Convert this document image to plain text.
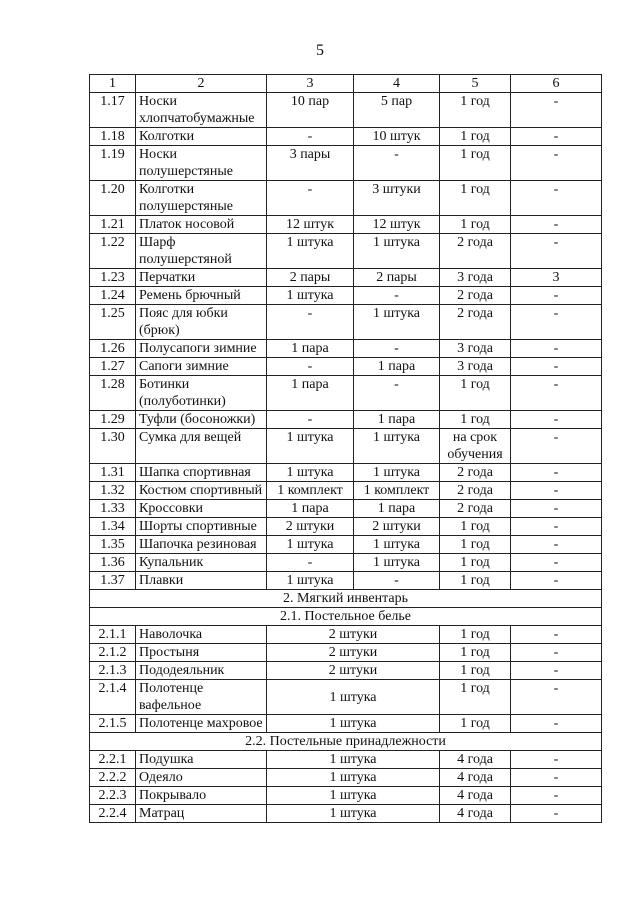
5
1	2	3	4	5	6
1.17	Носки хлопчатобумажные	10 пар	5 пар	1 год	-
1.18	Колготки	-	10 штук	1 год	-
1.19	Носки полушерстяные	3 пары	-	1 год	-
1.20	Колготки полушерстяные	-	3 штуки	1 год	-
1.21	Платок носовой	12 штук	12 штук	1 год	-
1.22	Шарф полушерстяной	1 штука	1 штука	2 года	-
1.23	Перчатки	2 пары	2 пары	3 года	3
1.24	Ремень брючный	1 штука	-	2 года	-
1.25	Пояс для юбки (брюк)	-	1 штука	2 года	-
1.26	Полусапоги зимние	1 пара	-	3 года	-
1.27	Сапоги зимние	-	1 пара	3 года	-
1.28	Ботинки (полуботинки)	1 пара	-	1 год	-
1.29	Туфли (босоножки)	-	1 пара	1 год	-
1.30	Сумка для вещей	1 штука	1 штука	на срок обучения	-
1.31	Шапка спортивная	1 штука	1 штука	2 года	-
1.32	Костюм спортивный	1 комплект	1 комплект	2 года	-
1.33	Кроссовки	1 пара	1 пара	2 года	-
1.34	Шорты спортивные	2 штуки	2 штуки	1 год	-
1.35	Шапочка резиновая	1 штука	1 штука	1 год	-
1.36	Купальник	-	1 штука	1 год	-
1.37	Плавки	1 штука	-	1 год	-
2. Мягкий инвентарь					
2.1. Постельное белье					
2.1.1	Наволочка	2 штуки		1 год	-
2.1.2	Простыня	2 штуки		1 год	-
2.1.3	Пододеяльник	2 штуки		1 год	-
2.1.4	Полотенце вафельное	1 штука		1 год	-
2.1.5	Полотенце махровое	1 штука		1 год	-
2.2. Постельные принадлежности					
2.2.1	Подушка	1 штука		4 года	-
2.2.2	Одеяло	1 штука		4 года	-
2.2.3	Покрывало	1 штука		4 года	-
2.2.4	Матрац	1 штука		4 года	-
